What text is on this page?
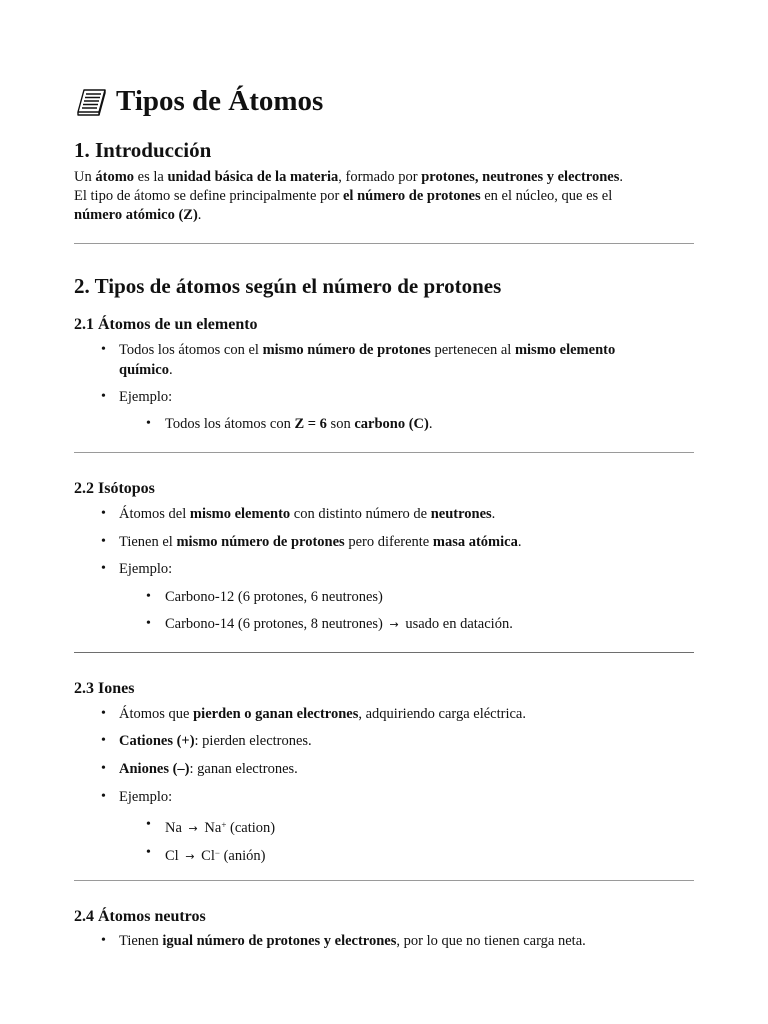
Tipos de Átomos
1. Introducción
Un átomo es la unidad básica de la materia, formado por protones, neutrones y electrones.
El tipo de átomo se define principalmente por el número de protones en el núcleo, que es el
número atómico (Z).
2. Tipos de átomos según el número de protones
2.1 Átomos de un elemento
• Todos los átomos con el mismo número de protones pertenecen al mismo elemento
químico.
• Ejemplo:
• Todos los átomos con Z = 6 son carbono (C).
2.2 Isótopos
• Átomos del mismo elemento con distinto número de neutrones.
• Tienen el mismo número de protones pero diferente masa atómica.
• Ejemplo:
• Carbono-12 (6 protones, 6 neutrones)
• Carbono-14 (6 protones, 8 neutrones) → usado en datación.
2.3 Iones
• Átomos que pierden o ganan electrones, adquiriendo carga eléctrica.
• Cationes (+): pierden electrones.
• Aniones (–): ganan electrones.
• Ejemplo:
• Na → Na+ (cation)
• Cl → Cl− (anión)
2.4 Átomos neutros
• Tienen igual número de protones y electrones, por lo que no tienen carga neta.
